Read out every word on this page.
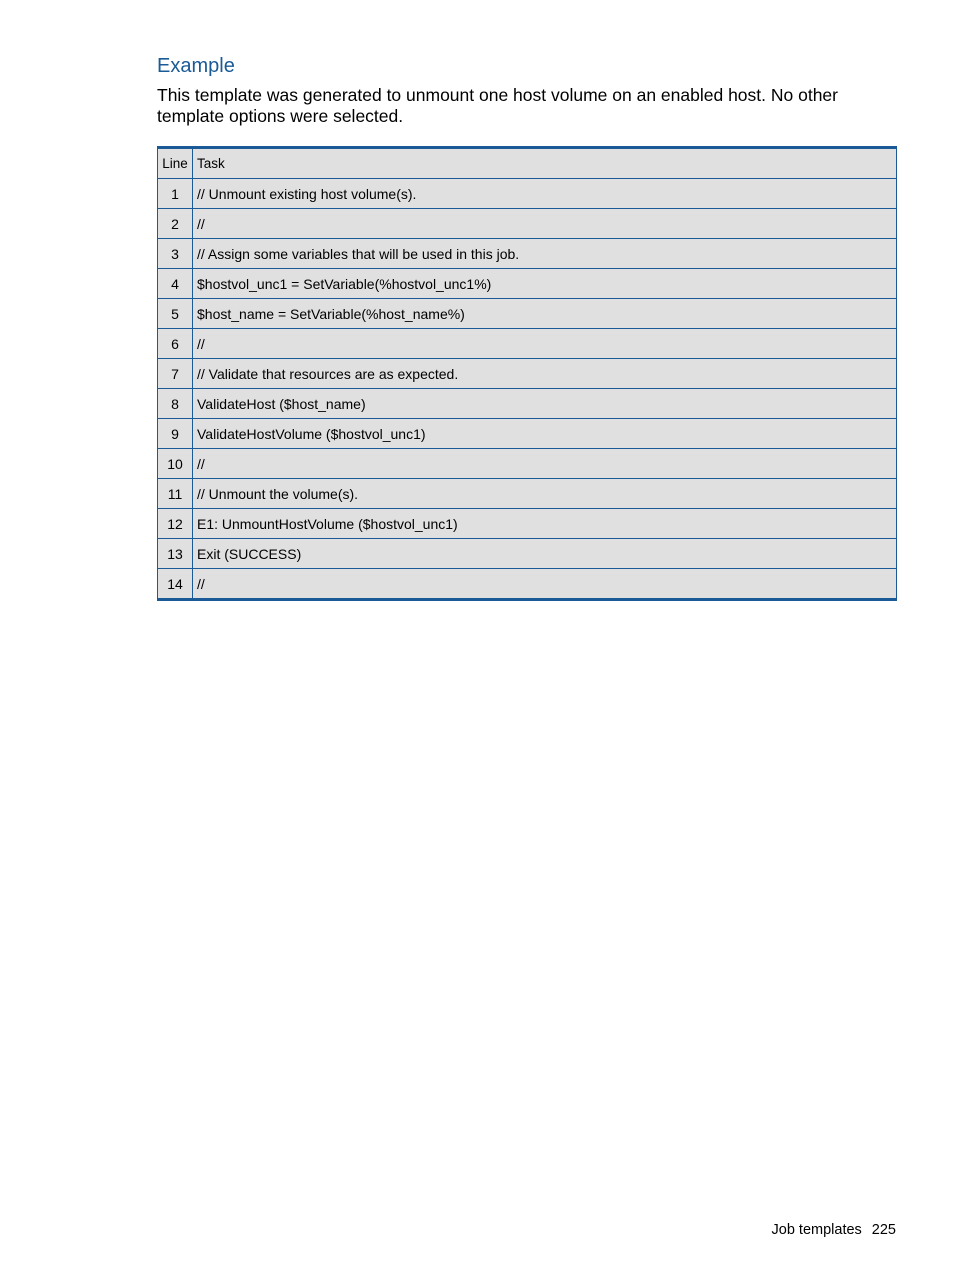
Example

This template was generated to unmount one host volume on an enabled host. No other template options were selected.

Line	Task
1	// Unmount existing host volume(s).
2	//
3	// Assign some variables that will be used in this job.
4	$hostvol_unc1 = SetVariable(%hostvol_unc1%)
5	$host_name = SetVariable(%host_name%)
6	//
7	// Validate that resources are as expected.
8	ValidateHost ($host_name)
9	ValidateHostVolume ($hostvol_unc1)
10	//
11	// Unmount the volume(s).
12	E1: UnmountHostVolume ($hostvol_unc1)
13	Exit (SUCCESS)
14	//
Job templates 225
